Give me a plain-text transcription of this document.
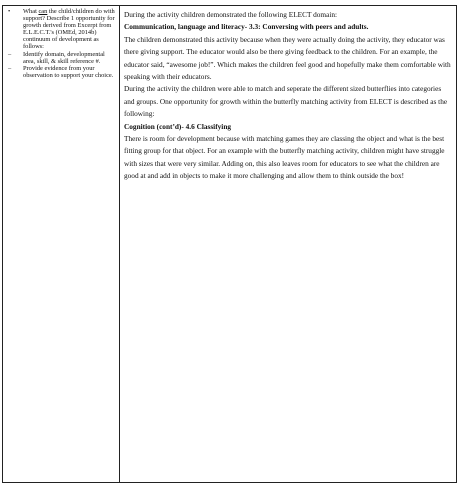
• What can the child/children do with support? Describe 1 opportunity for growth derived from Excerpt from E.L.E.C.T.'s (OMEd, 2014b) continuum of development as follows:
– Identify domain, developmental area, skill, & skill reference #.
– Provide evidence from your observation to support your choice.

During the activity children demonstrated the following ELECT domain:

Communication, language and literacy- 3.3: Conversing with peers and adults.

The children demonstrated this activity because when they were actually doing the activity, they educator was there giving support. The educator would also be there giving feedback to the children. For an example, the educator said, “awesome job!”. Which makes the children feel good and hopefully make them comfortable with speaking with their educators.

During the activity the children were able to match and seperate the different sized butterflies into categories and groups. One opportunity for growth within the butterfly matching activity from ELECT is described as the following:

Cognition (cont’d)- 4.6 Classifying

There is room for development because with matching games they are classing the object and what is the best fitting group for that object. For an example with the butterfly matching activity, children might have struggle with sizes that were very similar. Adding on, this also leaves room for educators to see what the children are good at and add in objects to make it more challenging and allow them to think outside the box!
